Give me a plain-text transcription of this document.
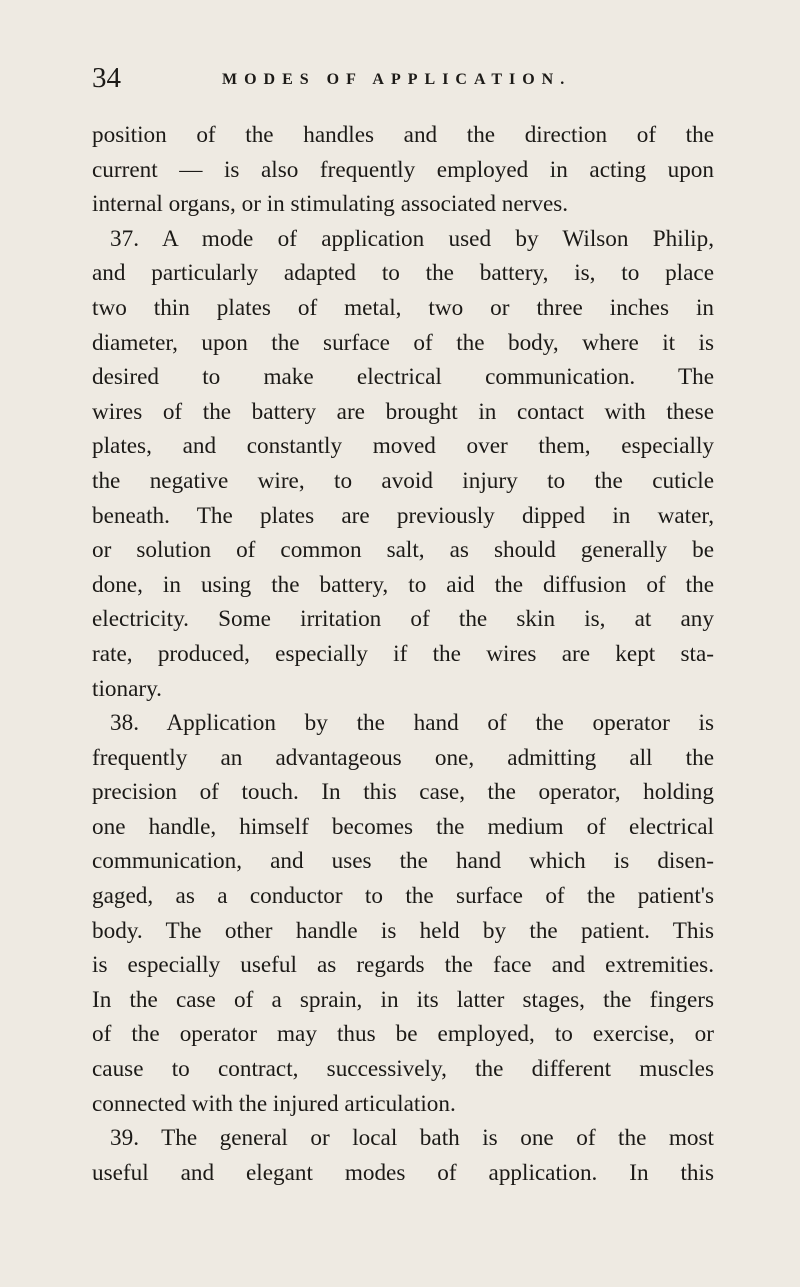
34	MODES OF APPLICATION.

position of the handles and the direction of the
current — is also frequently employed in acting upon
internal organs, or in stimulating associated nerves.

37. A mode of application used by Wilson Philip,
and particularly adapted to the battery, is, to place
two thin plates of metal, two or three inches in
diameter, upon the surface of the body, where it is
desired to make electrical communication. The
wires of the battery are brought in contact with these
plates, and constantly moved over them, especially
the negative wire, to avoid injury to the cuticle
beneath. The plates are previously dipped in water,
or solution of common salt, as should generally be
done, in using the battery, to aid the diffusion of the
electricity. Some irritation of the skin is, at any
rate, produced, especially if the wires are kept sta-
tionary.

38. Application by the hand of the operator is
frequently an advantageous one, admitting all the
precision of touch. In this case, the operator, holding
one handle, himself becomes the medium of electrical
communication, and uses the hand which is disen-
gaged, as a conductor to the surface of the patient's
body. The other handle is held by the patient. This
is especially useful as regards the face and extremities.
In the case of a sprain, in its latter stages, the fingers
of the operator may thus be employed, to exercise, or
cause to contract, successively, the different muscles
connected with the injured articulation.

39. The general or local bath is one of the most
useful and elegant modes of application. In this
